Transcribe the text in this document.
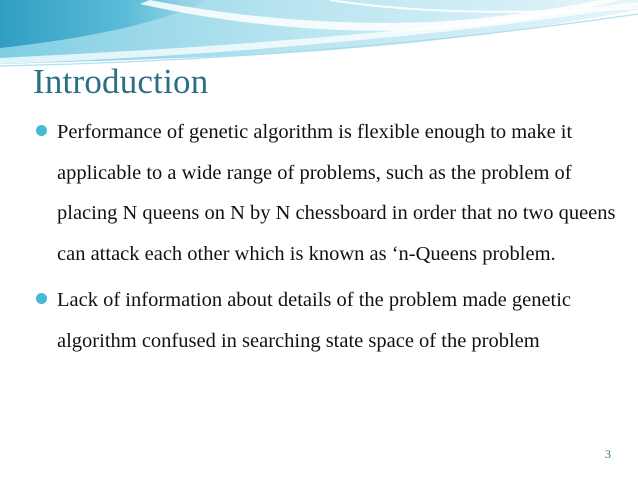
Introduction
Performance of genetic algorithm is flexible enough to make it applicable to a wide range of problems, such as the problem of placing N queens on N by N chessboard in order that no two queens can attack each other which is known as ‘n-Queens problem.
Lack of information about details of the problem made genetic algorithm confused in searching state space of the problem
3
